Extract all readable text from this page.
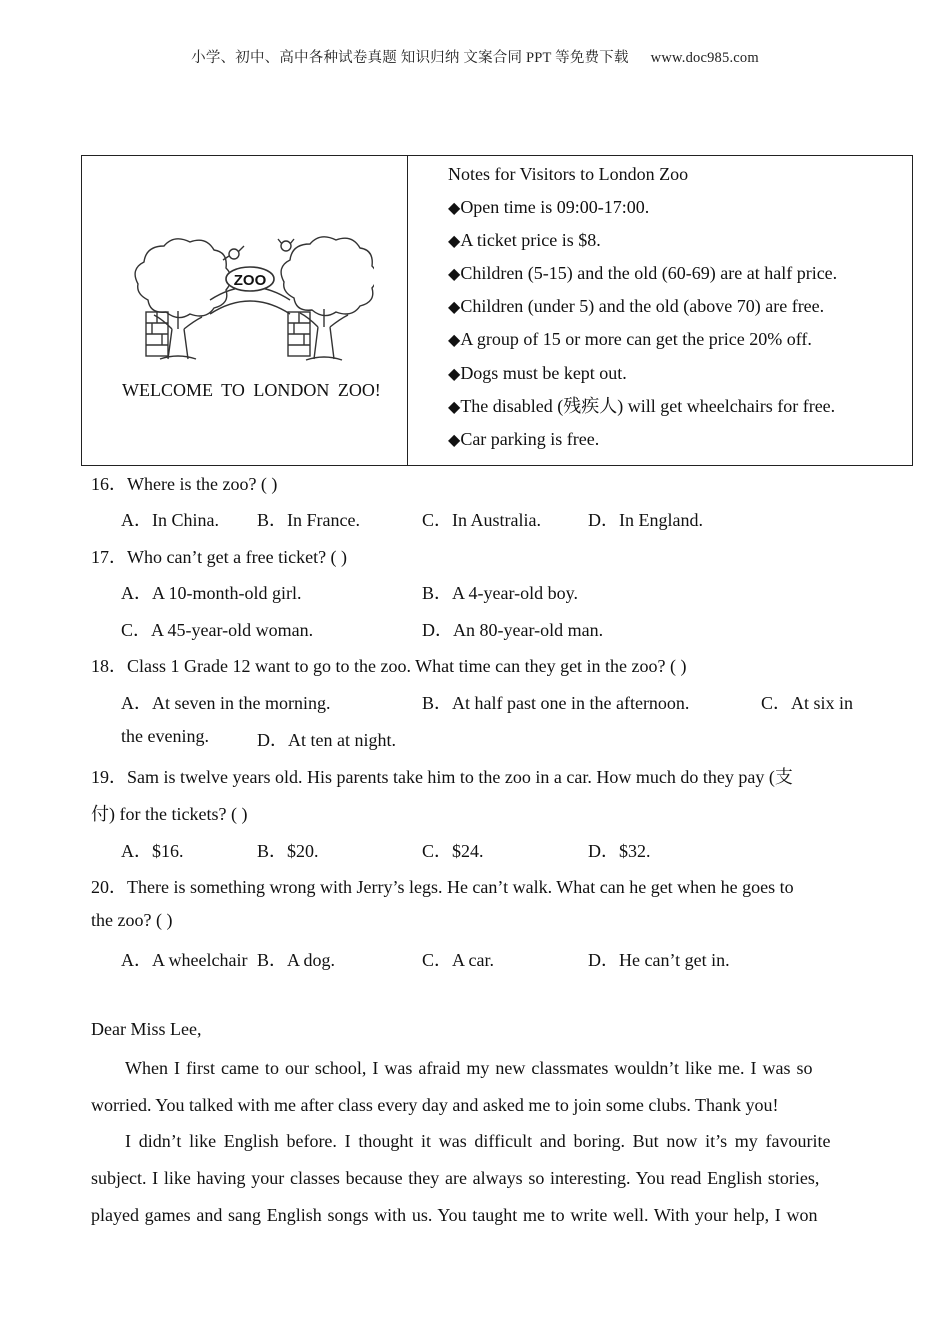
小学、初中、高中各种试卷真题 知识归纳 文案合同 PPT 等免费下载 www.doc985.com
ZOO
WELCOME TO LONDON ZOO!
Notes for Visitors to London Zoo
◆Open time is 09:00-17:00.
◆A ticket price is $8.
◆Children (5-15) and the old (60-69) are at half price.
◆Children (under 5) and the old (above 70) are free.
◆A group of 15 or more can get the price 20% off.
◆Dogs must be kept out.
◆The disabled (残疾人) will get wheelchairs for free.
◆Car parking is free.
16．Where is the zoo? ( )
A．In China. B．In France.	C．In Australia.	D．In England.
17．Who can’t get a free ticket? ( )
A．A 10-month-old girl.	B．A 4-year-old boy.
C．A 45-year-old woman.	D．An 80-year-old man.
18．Class 1 Grade 12 want to go to the zoo. What time can they get in the zoo? ( )
A．At seven in the morning.	B．At half past one in the afternoon.	C．At six in
the evening.	D．At ten at night.
19．Sam is twelve years old. His parents take him to the zoo in a car. How much do they pay (支
付) for the tickets? ( )
A．$16.	B．$20.	C．$24.	D．$32.
20．There is something wrong with Jerry’s legs. He can’t walk. What can he get when he goes to
the zoo? ( )
A．A wheelchair B．A dog.	C．A car.	D．He can’t get in.
Dear Miss Lee,
When I first came to our school, I was afraid my new classmates wouldn’t like me. I was so
worried. You talked with me after class every day and asked me to join some clubs. Thank you!
I didn’t like English before. I thought it was difficult and boring. But now it’s my favourite
subject. I like having your classes because they are always so interesting. You read English stories,
played games and sang English songs with us. You taught me to write well. With your help, I won
